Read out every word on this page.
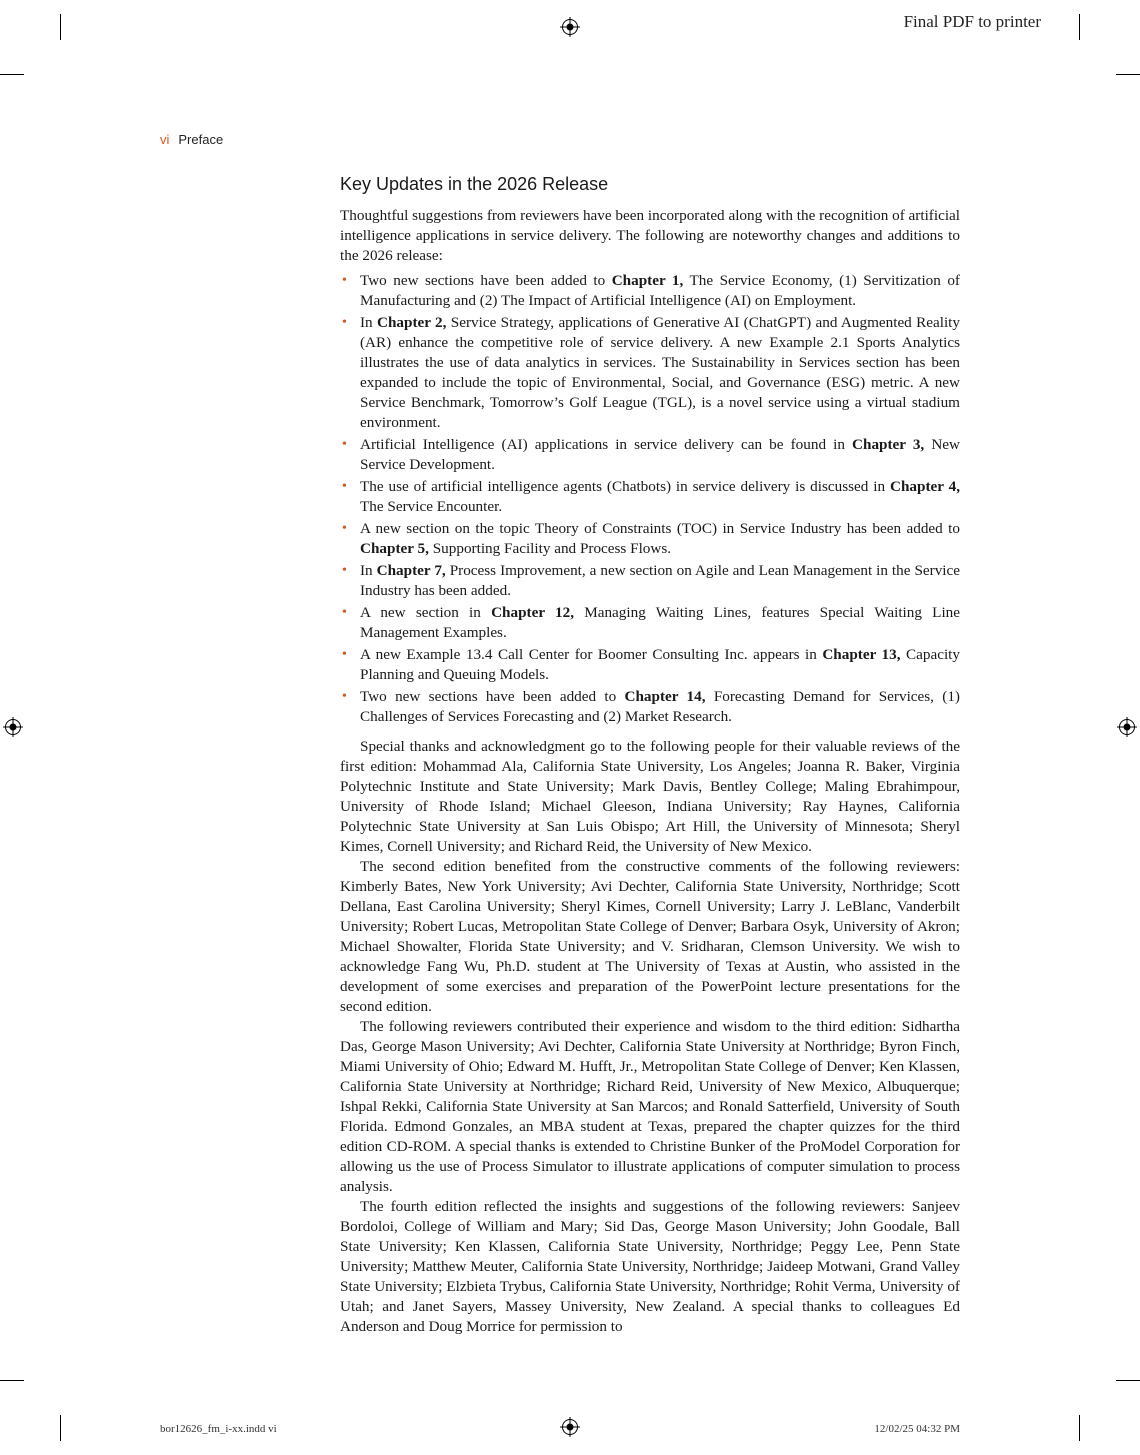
Final PDF to printer
vi Preface
Key Updates in the 2026 Release

Thoughtful suggestions from reviewers have been incorporated along with the recognition of artificial intelligence applications in service delivery. The following are noteworthy changes and additions to the 2026 release:

• Two new sections have been added to Chapter 1, The Service Economy, (1) Servitization of Manufacturing and (2) The Impact of Artificial Intelligence (AI) on Employment.
• In Chapter 2, Service Strategy, applications of Generative AI (ChatGPT) and Augmented Reality (AR) enhance the competitive role of service delivery. A new Example 2.1 Sports Analytics illustrates the use of data analytics in services. The Sustainability in Services section has been expanded to include the topic of Environmental, Social, and Governance (ESG) metric. A new Service Benchmark, Tomorrow’s Golf League (TGL), is a novel service using a virtual stadium environment.
• Artificial Intelligence (AI) applications in service delivery can be found in Chapter 3, New Service Development.
• The use of artificial intelligence agents (Chatbots) in service delivery is discussed in Chapter 4, The Service Encounter.
• A new section on the topic Theory of Constraints (TOC) in Service Industry has been added to Chapter 5, Supporting Facility and Process Flows.
• In Chapter 7, Process Improvement, a new section on Agile and Lean Management in the Service Industry has been added.
• A new section in Chapter 12, Managing Waiting Lines, features Special Waiting Line Management Examples.
• A new Example 13.4 Call Center for Boomer Consulting Inc. appears in Chapter 13, Capacity Planning and Queuing Models.
• Two new sections have been added to Chapter 14, Forecasting Demand for Services, (1) Challenges of Services Forecasting and (2) Market Research.

Special thanks and acknowledgment go to the following people for their valuable reviews of the first edition: Mohammad Ala, California State University, Los Angeles; Joanna R. Baker, Virginia Polytechnic Institute and State University; Mark Davis, Bentley College; Maling Ebrahimpour, University of Rhode Island; Michael Gleeson, Indiana University; Ray Haynes, California Polytechnic State University at San Luis Obispo; Art Hill, the University of Minnesota; Sheryl Kimes, Cornell University; and Richard Reid, the University of New Mexico.

The second edition benefited from the constructive comments of the following reviewers: Kimberly Bates, New York University; Avi Dechter, California State University, Northridge; Scott Dellana, East Carolina University; Sheryl Kimes, Cornell University; Larry J. LeBlanc, Vanderbilt University; Robert Lucas, Metropolitan State College of Denver; Barbara Osyk, University of Akron; Michael Showalter, Florida State University; and V. Sridharan, Clemson University. We wish to acknowledge Fang Wu, Ph.D. student at The University of Texas at Austin, who assisted in the development of some exercises and preparation of the PowerPoint lecture presentations for the second edition.

The following reviewers contributed their experience and wisdom to the third edition: Sidhartha Das, George Mason University; Avi Dechter, California State University at Northridge; Byron Finch, Miami University of Ohio; Edward M. Hufft, Jr., Metropolitan State College of Denver; Ken Klassen, California State University at Northridge; Richard Reid, University of New Mexico, Albuquerque; Ishpal Rekki, California State University at San Marcos; and Ronald Satterfield, University of South Florida. Edmond Gonzales, an MBA student at Texas, prepared the chapter quizzes for the third edition CD-ROM. A special thanks is extended to Christine Bunker of the ProModel Corporation for allowing us the use of Process Simulator to illustrate applications of computer simulation to process analysis.

The fourth edition reflected the insights and suggestions of the following reviewers: Sanjeev Bordoloi, College of William and Mary; Sid Das, George Mason University; John Goodale, Ball State University; Ken Klassen, California State University, Northridge; Peggy Lee, Penn State University; Matthew Meuter, California State University, Northridge; Jaideep Motwani, Grand Valley State University; Elzbieta Trybus, California State University, Northridge; Rohit Verma, University of Utah; and Janet Sayers, Massey University, New Zealand. A special thanks to colleagues Ed Anderson and Doug Morrice for permission to

bor12626_fm_i-xx.indd vi	12/02/25 04:32 PM
